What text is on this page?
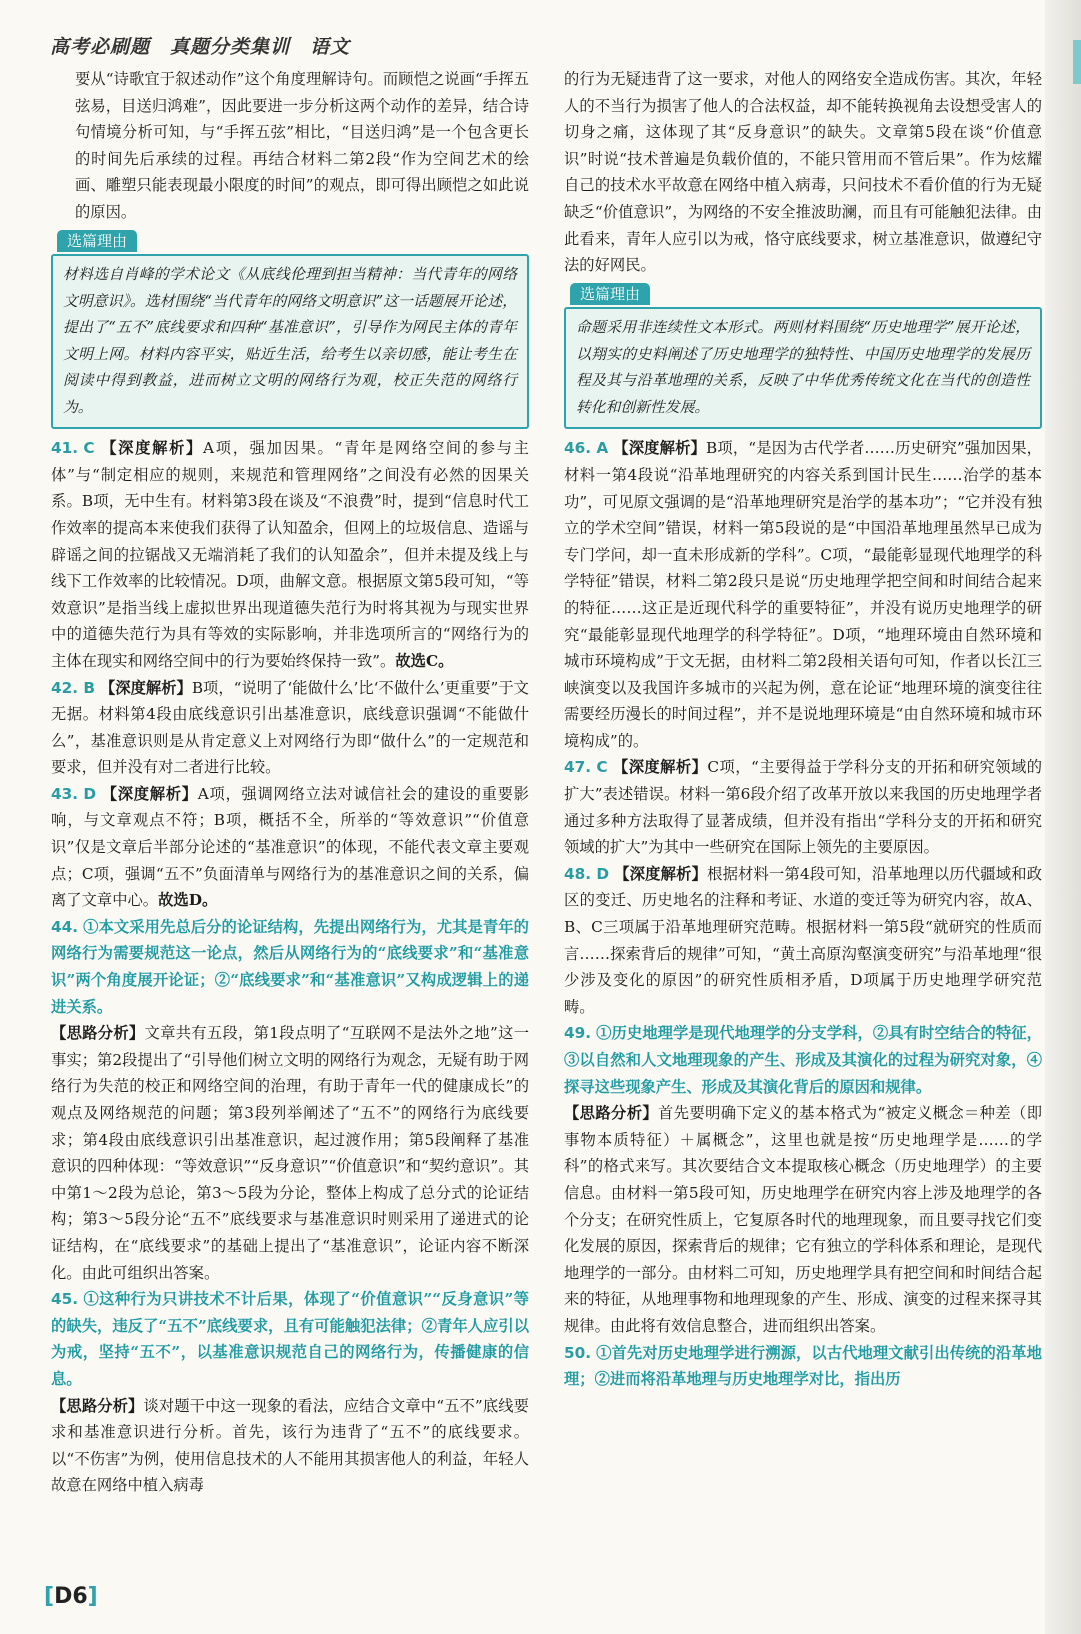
高考必刷题　真题分类集训　语文

要从“诗歌宜于叙述动作”这个角度理解诗句。而顾恺之说画“手挥五弦易，目送归鸿难”，因此要进一步分析这两个动作的差异，结合诗句情境分析可知，与“手挥五弦”相比，“目送归鸿”是一个包含更长的时间先后承续的过程。再结合材料二第2段“作为空间艺术的绘画、雕塑只能表现最小限度的时间”的观点，即可得出顾恺之如此说的原因。

选篇理由
材料选自肖峰的学术论文《从底线伦理到担当精神：当代青年的网络文明意识》。选材围绕“当代青年的网络文明意识”这一话题展开论述，提出了“五不”底线要求和四种“基准意识”，引导作为网民主体的青年文明上网。材料内容平实，贴近生活，给考生以亲切感，能让考生在阅读中得到教益，进而树立文明的网络行为观，校正失范的网络行为。

41. C 【深度解析】A项，强加因果。“青年是网络空间的参与主体”与“制定相应的规则，来规范和管理网络”之间没有必然的因果关系。B项，无中生有。材料第3段在谈及“不浪费”时，提到“信息时代工作效率的提高本来使我们获得了认知盈余，但网上的垃圾信息、造谣与辟谣之间的拉锯战又无端消耗了我们的认知盈余”，但并未提及线上与线下工作效率的比较情况。D项，曲解文意。根据原文第5段可知，“等效意识”是指当线上虚拟世界出现道德失范行为时将其视为与现实世界中的道德失范行为具有等效的实际影响，并非选项所言的“网络行为的主体在现实和网络空间中的行为要始终保持一致”。故选C。

42. B 【深度解析】B项，“说明了‘能做什么’比‘不做什么’更重要”于文无据。材料第4段由底线意识引出基准意识，底线意识强调“不能做什么”，基准意识则是从肯定意义上对网络行为即“做什么”的一定规范和要求，但并没有对二者进行比较。

43. D 【深度解析】A项，强调网络立法对诚信社会的建设的重要影响，与文章观点不符；B项，概括不全，所举的“等效意识”“价值意识”仅是文章后半部分论述的“基准意识”的体现，不能代表文章主要观点；C项，强调“五不”负面清单与网络行为的基准意识之间的关系，偏离了文章中心。故选D。

44. ①本文采用先总后分的论证结构，先提出网络行为，尤其是青年的网络行为需要规范这一论点，然后从网络行为的“底线要求”和“基准意识”两个角度展开论证；②“底线要求”和“基准意识”又构成逻辑上的递进关系。

【思路分析】文章共有五段，第1段点明了“互联网不是法外之地”这一事实；第2段提出了“引导他们树立文明的网络行为观念，无疑有助于网络行为失范的校正和网络空间的治理，有助于青年一代的健康成长”的观点及网络规范的问题；第3段列举阐述了“五不”的网络行为底线要求；第4段由底线意识引出基准意识，起过渡作用；第5段阐释了基准意识的四种体现：“等效意识”“反身意识”“价值意识”和“契约意识”。其中第1～2段为总论，第3～5段为分论，整体上构成了总分式的论证结构；第3～5段分论“五不”底线要求与基准意识时则采用了递进式的论证结构，在“底线要求”的基础上提出了“基准意识”，论证内容不断深化。由此可组织出答案。

45. ①这种行为只讲技术不计后果，体现了“价值意识”“反身意识”等的缺失，违反了“五不”底线要求，且有可能触犯法律；②青年人应引以为戒，坚持“五不”，以基准意识规范自己的网络行为，传播健康的信息。

【思路分析】谈对题干中这一现象的看法，应结合文章中“五不”底线要求和基准意识进行分析。首先，该行为违背了“五不”的底线要求。以“不伤害”为例，使用信息技术的人不能用其损害他人的利益，年轻人故意在网络中植入病毒

的行为无疑违背了这一要求，对他人的网络安全造成伤害。其次，年轻人的不当行为损害了他人的合法权益，却不能转换视角去设想受害人的切身之痛，这体现了其“反身意识”的缺失。文章第5段在谈“价值意识”时说“技术普遍是负载价值的，不能只管用而不管后果”。作为炫耀自己的技术水平故意在网络中植入病毒，只问技术不看价值的行为无疑缺乏“价值意识”，为网络的不安全推波助澜，而且有可能触犯法律。由此看来，青年人应引以为戒，恪守底线要求，树立基准意识，做遵纪守法的好网民。

选篇理由
命题采用非连续性文本形式。两则材料围绕“历史地理学”展开论述，以翔实的史料阐述了历史地理学的独特性、中国历史地理学的发展历程及其与沿革地理的关系，反映了中华优秀传统文化在当代的创造性转化和创新性发展。

46. A 【深度解析】B项，“是因为古代学者……历史研究”强加因果，材料一第4段说“沿革地理研究的内容关系到国计民生……治学的基本功”，可见原文强调的是“沿革地理研究是治学的基本功”；“它并没有独立的学术空间”错误，材料一第5段说的是“中国沿革地理虽然早已成为专门学问，却一直未形成新的学科”。C项，“最能彰显现代地理学的科学特征”错误，材料二第2段只是说“历史地理学把空间和时间结合起来的特征……这正是近现代科学的重要特征”，并没有说历史地理学的研究“最能彰显现代地理学的科学特征”。D项，“地理环境由自然环境和城市环境构成”于文无据，由材料二第2段相关语句可知，作者以长江三峡演变以及我国许多城市的兴起为例，意在论证“地理环境的演变往往需要经历漫长的时间过程”，并不是说地理环境是“由自然环境和城市环境构成”的。

47. C 【深度解析】C项，“主要得益于学科分支的开拓和研究领域的扩大”表述错误。材料一第6段介绍了改革开放以来我国的历史地理学者通过多种方法取得了显著成绩，但并没有指出“学科分支的开拓和研究领域的扩大”为其中一些研究在国际上领先的主要原因。

48. D 【深度解析】根据材料一第4段可知，沿革地理以历代疆域和政区的变迁、历史地名的注释和考证、水道的变迁等为研究内容，故A、B、C三项属于沿革地理研究范畴。根据材料一第5段“就研究的性质而言……探索背后的规律”可知，“黄土高原沟壑演变研究”与沿革地理“很少涉及变化的原因”的研究性质相矛盾，D项属于历史地理学研究范畴。

49. ①历史地理学是现代地理学的分支学科，②具有时空结合的特征，③以自然和人文地理现象的产生、形成及其演化的过程为研究对象，④探寻这些现象产生、形成及其演化背后的原因和规律。

【思路分析】首先要明确下定义的基本格式为“被定义概念＝种差（即事物本质特征）＋属概念”，这里也就是按“历史地理学是……的学科”的格式来写。其次要结合文本提取核心概念（历史地理学）的主要信息。由材料一第5段可知，历史地理学在研究内容上涉及地理学的各个分支；在研究性质上，它复原各时代的地理现象，而且要寻找它们变化发展的原因，探索背后的规律；它有独立的学科体系和理论，是现代地理学的一部分。由材料二可知，历史地理学具有把空间和时间结合起来的特征，从地理事物和地理现象的产生、形成、演变的过程来探寻其规律。由此将有效信息整合，进而组织出答案。

50. ①首先对历史地理学进行溯源，以古代地理文献引出传统的沿革地理；②进而将沿革地理与历史地理学对比，指出历

[D6]
